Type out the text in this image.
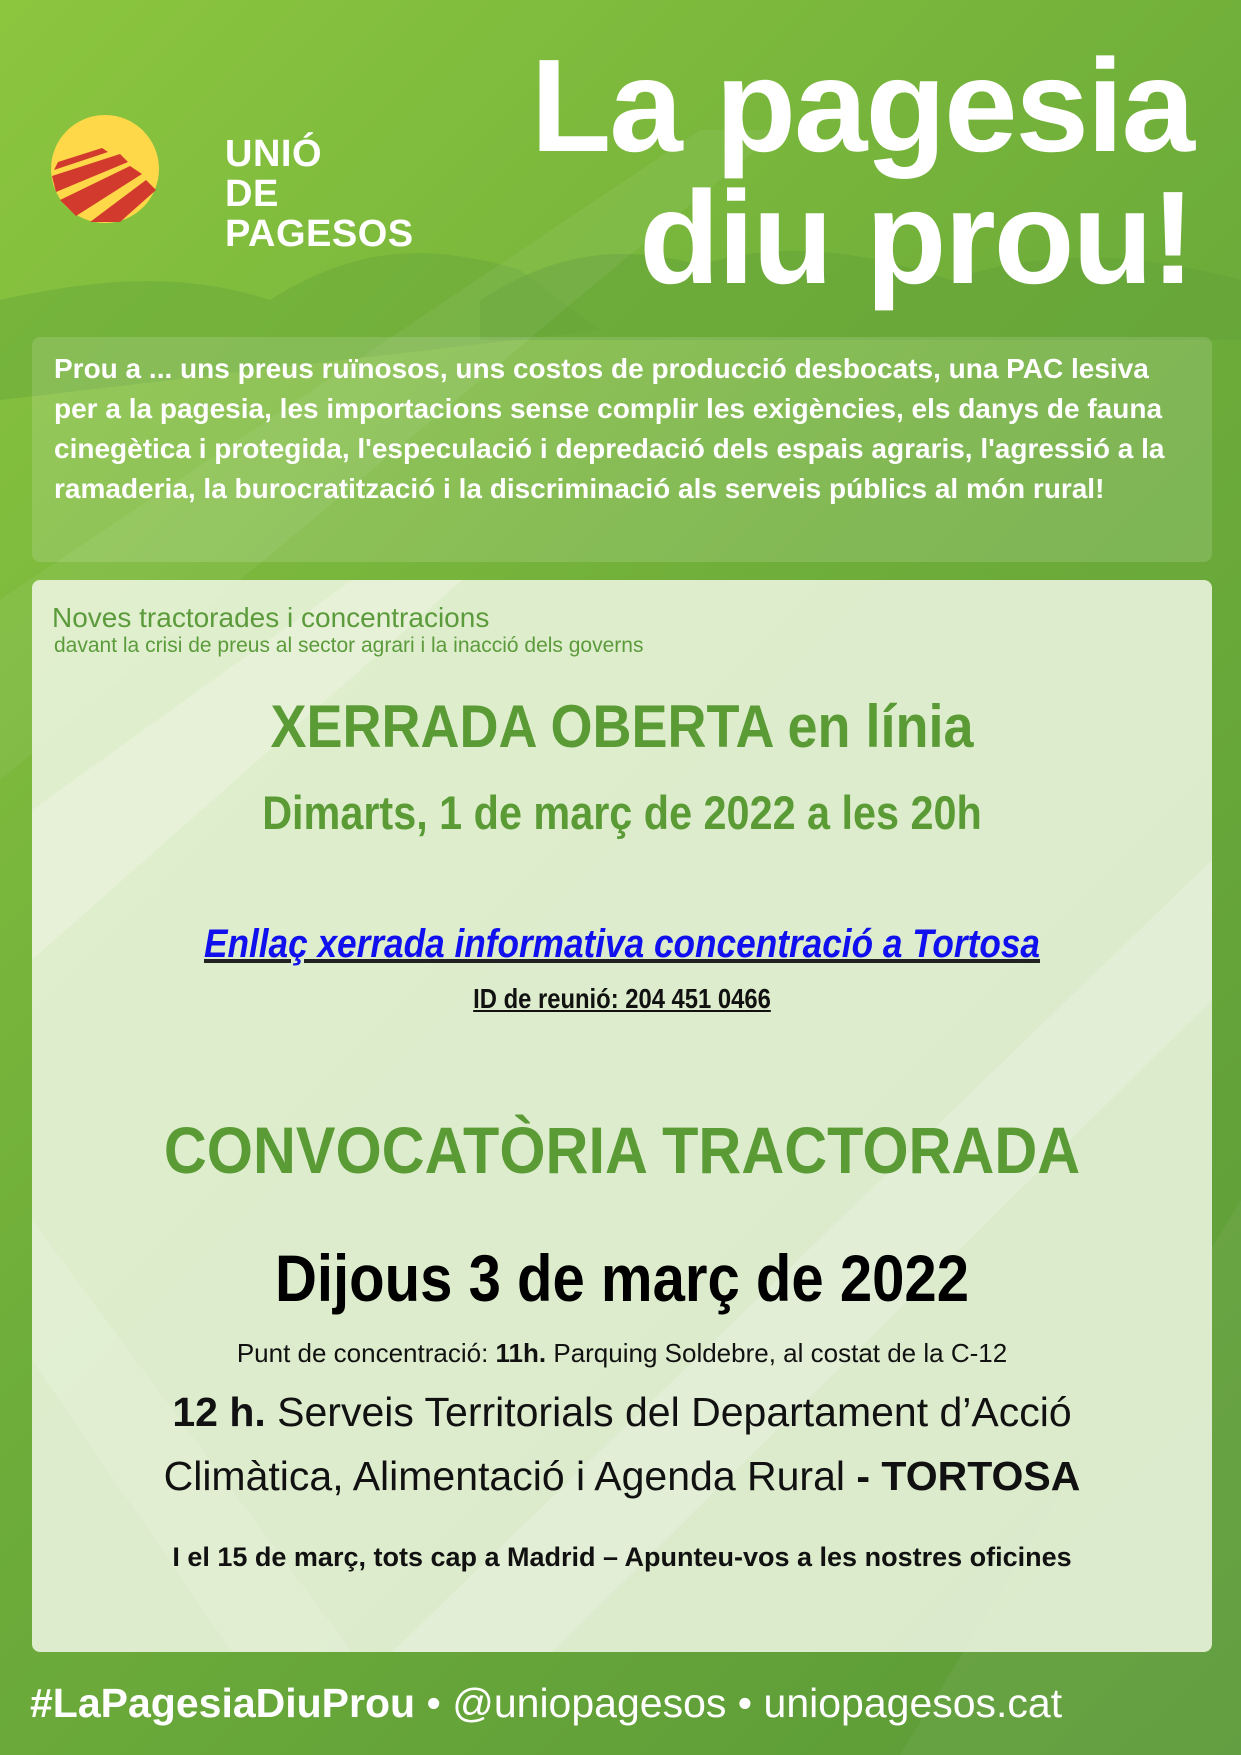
UNIÓ
DE PAGESOS
La pagesia
diu prou!
Prou a ... uns preus ruïnosos, uns costos de producció desbocats, una PAC lesiva per a la pagesia, les importacions sense complir les exigències, els danys de fauna cinegètica i protegida, l'especulació i depredació dels espais agraris, l'agressió a la ramaderia, la burocratització i la discriminació als serveis públics al món rural!
Noves tractorades i concentracions
davant la crisi de preus al sector agrari i la inacció dels governs
XERRADA OBERTA en línia
Dimarts, 1 de març de 2022 a les 20h
Enllaç xerrada informativa concentració a Tortosa
ID de reunió: 204 451 0466
CONVOCATÒRIA TRACTORADA
Dijous 3 de març de 2022
Punt de concentració: 11h. Parquing Soldebre, al costat de la C-12
12 h. Serveis Territorials del Departament d’Acció
Climàtica, Alimentació i Agenda Rural - TORTOSA
I el 15 de març, tots cap a Madrid – Apunteu-vos a les nostres oficines
#LaPagesiaDiuProu • @uniopagesos • uniopagesos.cat
